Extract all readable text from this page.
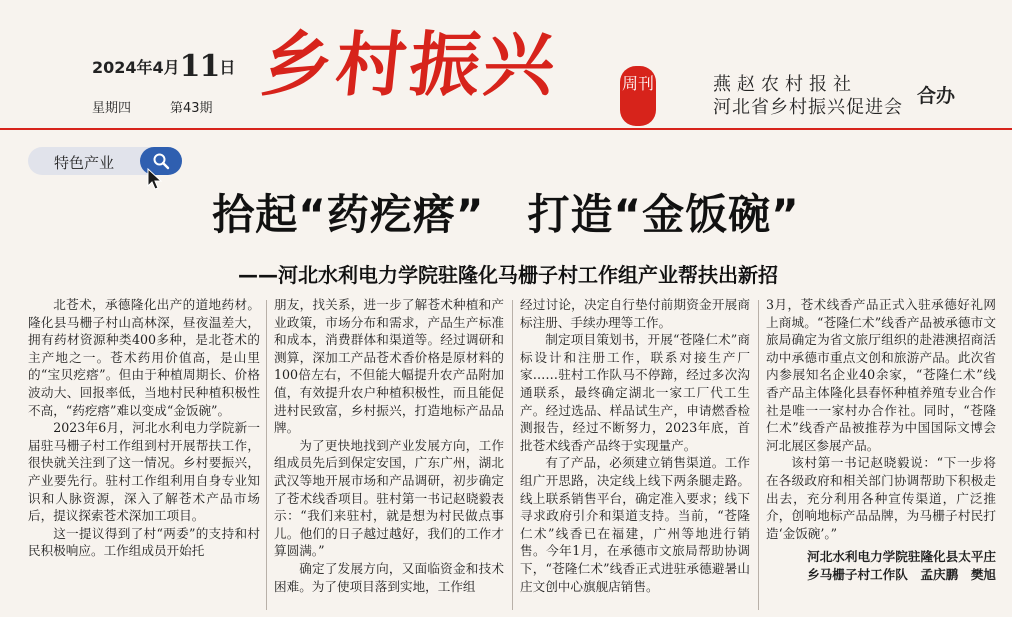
2024年4月11日
星期四	第43期
乡村振兴	周刊	燕赵农村报社
河北省乡村振兴促进会
合办
特色产业
拾起“药疙瘩”　打造“金饭碗”
——河北水利电力学院驻隆化马栅子村工作组产业帮扶出新招

北苍术，承德隆化出产的道地药材。隆化县马栅子村山高林深，昼夜温差大，拥有药材资源种类400多种，是北苍术的主产地之一。苍术药用价值高，是山里的“宝贝疙瘩”。但由于种植周期长、价格波动大、回报率低，当地村民种植积极性不高，“药疙瘩”难以变成“金饭碗”。

2023年6月，河北水利电力学院新一届驻马栅子村工作组到村开展帮扶工作，很快就关注到了这一情况。乡村要振兴，产业要先行。驻村工作组利用自身专业知识和人脉资源，深入了解苍术产品市场后，提议探索苍术深加工项目。

这一提议得到了村“两委”的支持和村民积极响应。工作组成员开始托

朋友，找关系，进一步了解苍术种植和产业政策，市场分布和需求，产品生产标准和成本，消费群体和渠道等。经过调研和测算，深加工产品苍术香价格是原材料的100倍左右，不但能大幅提升农产品附加值，有效提升农户种植积极性，而且能促进村民致富，乡村振兴，打造地标产品品牌。

为了更快地找到产业发展方向，工作组成员先后到保定安国，广东广州，湖北武汉等地开展市场和产品调研，初步确定了苍术线香项目。驻村第一书记赵晓毅表示：“我们来驻村，就是想为村民做点事儿。他们的日子越过越好，我们的工作才算圆满。”

确定了发展方向，又面临资金和技术困难。为了使项目落到实地，工作组

经过讨论，决定自行垫付前期资金开展商标注册、手续办理等工作。

制定项目策划书，开展“苍隆仁术”商标设计和注册工作，联系对接生产厂家……驻村工作队马不停蹄，经过多次沟通联系，最终确定湖北一家工厂代工生产。经过选品、样品试生产，申请燃香检测报告，经过不断努力，2023年底，首批苍术线香产品终于实现量产。

有了产品，必须建立销售渠道。工作组广开思路，决定线上线下两条腿走路。线上联系销售平台，确定准入要求；线下寻求政府引介和渠道支持。当前，“苍隆仁术”线香已在福建，广州等地进行销售。今年1月，在承德市文旅局帮助协调下，“苍隆仁术”线香正式进驻承德避暑山庄文创中心旗舰店销售。

3月，苍术线香产品正式入驻承德好礼网上商城。“苍隆仁术”线香产品被承德市文旅局确定为省文旅厅组织的赴港澳招商活动中承德市重点文创和旅游产品。此次省内参展知名企业40余家，“苍隆仁术”线香产品主体隆化县春怀种植养殖专业合作社是唯一一家村办合作社。同时，“苍隆仁术”线香产品被推荐为中国国际文博会河北展区参展产品。

该村第一书记赵晓毅说：“下一步将在各级政府和相关部门协调帮助下积极走出去，充分利用各种宣传渠道，广泛推介，创响地标产品品牌，为马栅子村民打造‘金饭碗’。”

河北水利电力学院驻隆化县太平庄
乡马栅子村工作队　孟庆鹏　樊旭
